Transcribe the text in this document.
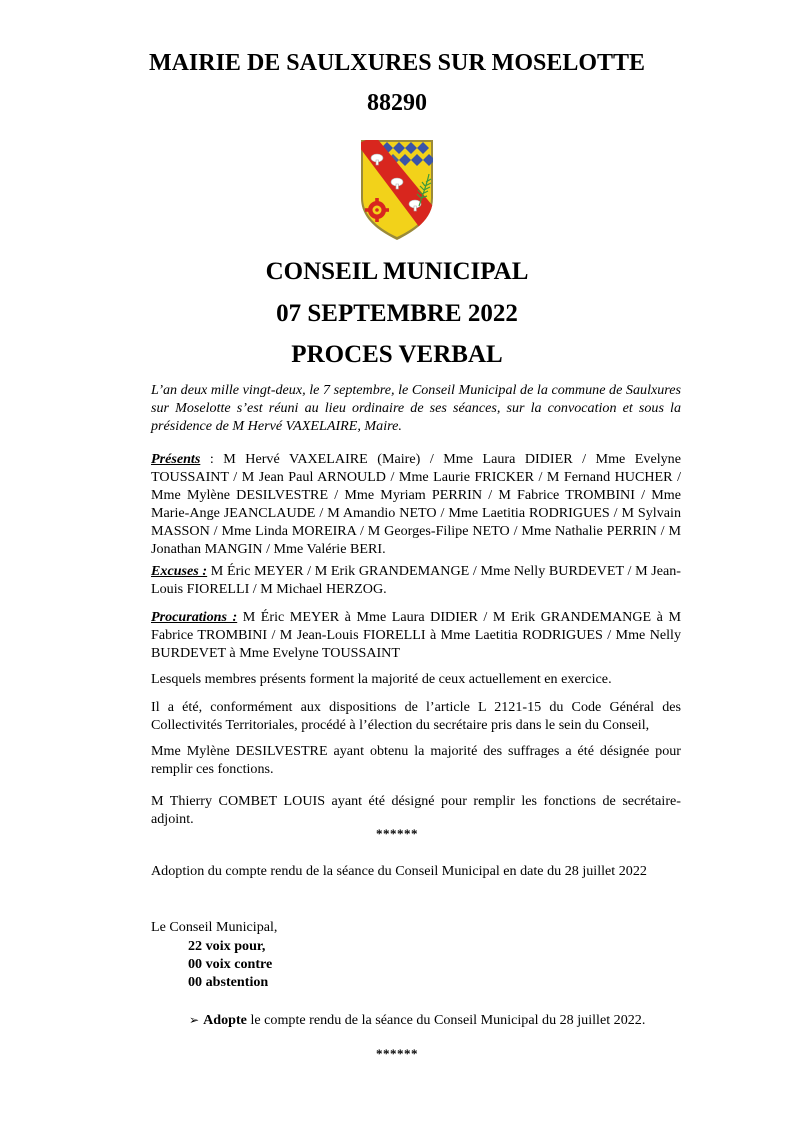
MAIRIE DE SAULXURES SUR MOSELOTTE
88290
CONSEIL MUNICIPAL
07 SEPTEMBRE 2022
PROCES VERBAL
L’an deux mille vingt-deux, le 7 septembre, le Conseil Municipal de la commune de Saulxures sur Moselotte s’est réuni au lieu ordinaire de ses séances, sur la convocation et sous la présidence de M Hervé VAXELAIRE, Maire.
Présents : M Hervé VAXELAIRE (Maire) / Mme Laura DIDIER / Mme Evelyne TOUSSAINT / M Jean Paul ARNOULD / Mme Laurie FRICKER / M Fernand HUCHER / Mme Mylène DESILVESTRE / Mme Myriam PERRIN / M Fabrice TROMBINI / Mme Marie-Ange JEANCLAUDE / M Amandio NETO / Mme Laetitia RODRIGUES / M Sylvain MASSON / Mme Linda MOREIRA / M Georges-Filipe NETO / Mme Nathalie PERRIN / M Jonathan MANGIN / Mme Valérie BERI.
Excuses : M Éric MEYER / M Erik GRANDEMANGE / Mme Nelly BURDEVET / M Jean-Louis FIORELLI / M Michael HERZOG.
Procurations : M Éric MEYER à Mme Laura DIDIER / M Erik GRANDEMANGE à M Fabrice TROMBINI / M Jean-Louis FIORELLI à Mme Laetitia RODRIGUES / Mme Nelly BURDEVET à Mme Evelyne TOUSSAINT
Lesquels membres présents forment la majorité de ceux actuellement en exercice.
Il a été, conformément aux dispositions de l’article L 2121-15 du Code Général des Collectivités Territoriales, procédé à l’élection du secrétaire pris dans le sein du Conseil,
Mme Mylène DESILVESTRE ayant obtenu la majorité des suffrages a été désignée pour remplir ces fonctions.
M Thierry COMBET LOUIS ayant été désigné pour remplir les fonctions de secrétaire-adjoint.
******
Adoption du compte rendu de la séance du Conseil Municipal en date du 28 juillet 2022
Le Conseil Municipal,
22 voix pour,
00 voix contre
00 abstention
➢ Adopte le compte rendu de la séance du Conseil Municipal du 28 juillet 2022.
******
